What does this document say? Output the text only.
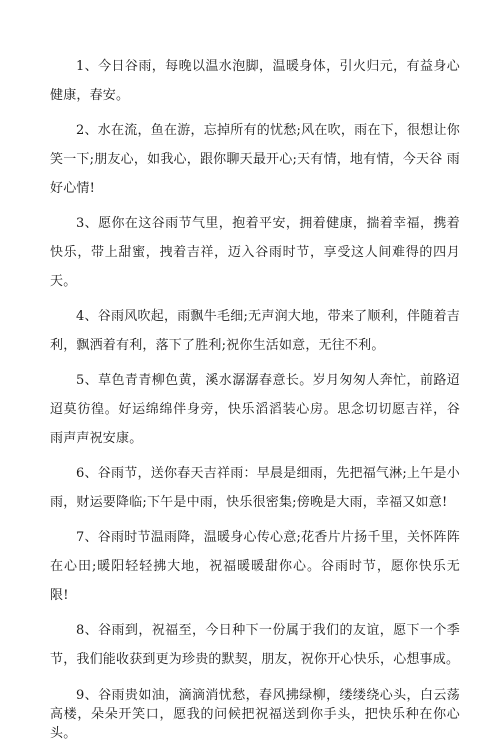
1、今日谷雨，每晚以温水泡脚，温暖身体，引火归元，有益身心 健康，春安。

2、水在流，鱼在游，忘掉所有的忧愁;风在吹，雨在下，很想让你 笑一下;朋友心，如我心，跟你聊天最开心;天有情，地有情，今天谷 雨好心情!

3、愿你在这谷雨节气里，抱着平安，拥着健康，揣着幸福，携着 快乐，带上甜蜜，拽着吉祥，迈入谷雨时节，享受这人间难得的四月 天。

4、谷雨风吹起，雨飘牛毛细;无声润大地，带来了顺利，伴随着吉 利，飘洒着有利，落下了胜利;祝你生活如意，无往不利。

5、草色青青柳色黄，溪水潺潺春意长。岁月匆匆人奔忙，前路迢 迢莫彷徨。好运绵绵伴身旁，快乐滔滔装心房。思念切切愿吉祥，谷 雨声声祝安康。

6、谷雨节，送你春天吉祥雨：早晨是细雨，先把福气淋;上午是小 雨，财运要降临;下午是中雨，快乐很密集;傍晚是大雨，幸福又如意!

7、谷雨时节温雨降，温暖身心传心意;花香片片扬千里，关怀阵阵 在心田;暖阳轻轻拂大地，祝福暖暖甜你心。谷雨时节，愿你快乐无 限!

8、谷雨到，祝福至，今日种下一份属于我们的友谊，愿下一个季 节，我们能收获到更为珍贵的默契，朋友，祝你开心快乐，心想事成。

9、谷雨贵如油，滴滴消忧愁，春风拂绿柳，缕缕绕心头，白云荡高楼，朵朵开笑口，愿我的问候把祝福送到你手头，把快乐种在你心 头。
